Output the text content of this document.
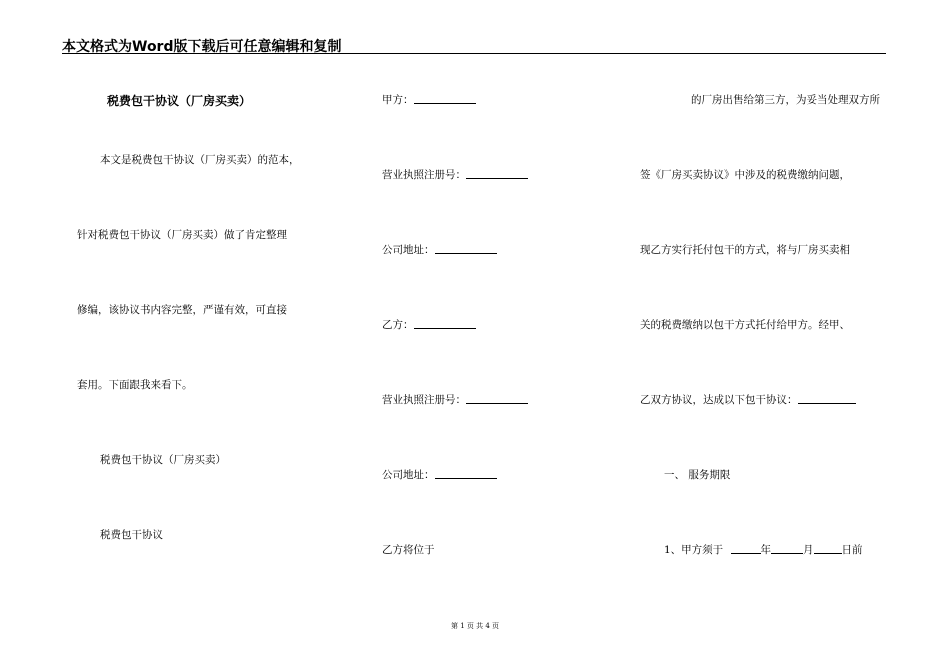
本文格式为Word版下载后可任意编辑和复制
税费包干协议（厂房买卖）
本文是税费包干协议（厂房买卖）的范本，
针对税费包干协议（厂房买卖）做了肯定整理
修编，该协议书内容完整，严谨有效，可直接
套用。下面跟我来看下。
税费包干协议（厂房买卖）
税费包干协议
甲方：
营业执照注册号：
公司地址：
乙方：
营业执照注册号：
公司地址：
乙方将位于
的厂房出售给第三方，为妥当处理双方所
签《厂房买卖协议》中涉及的税费缴纳问题，
现乙方实行托付包干的方式，将与厂房买卖相
关的税费缴纳以包干方式托付给甲方。经甲、
乙双方协议，达成以下包干协议：
一、 服务期限
1、甲方须于	年	月	日前
第 1 页 共 4 页
